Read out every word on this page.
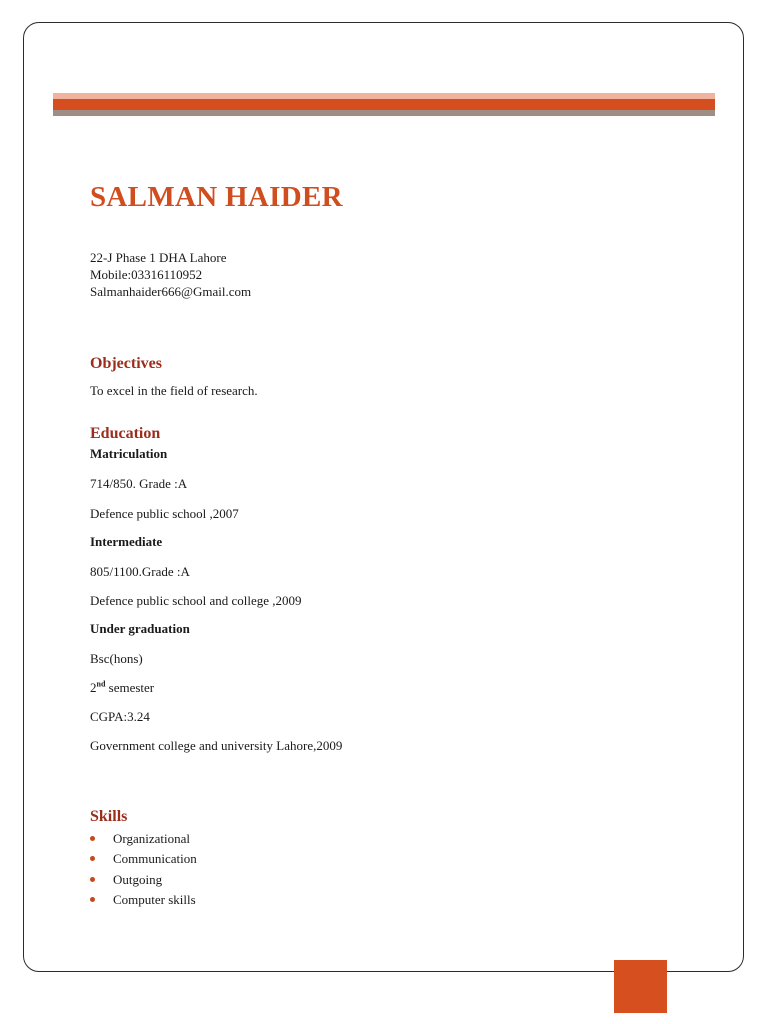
SALMAN HAIDER
22-J Phase 1 DHA Lahore
Mobile:03316110952
Salmanhaider666@Gmail.com
Objectives
To excel in the field of research.
Education
Matriculation
714/850. Grade :A
Defence public school ,2007
Intermediate
805/1100.Grade :A
Defence public school and college ,2009
Under graduation
Bsc(hons)
2nd semester
CGPA:3.24
Government college and university Lahore,2009
Skills
Organizational
Communication
Outgoing
Computer skills
